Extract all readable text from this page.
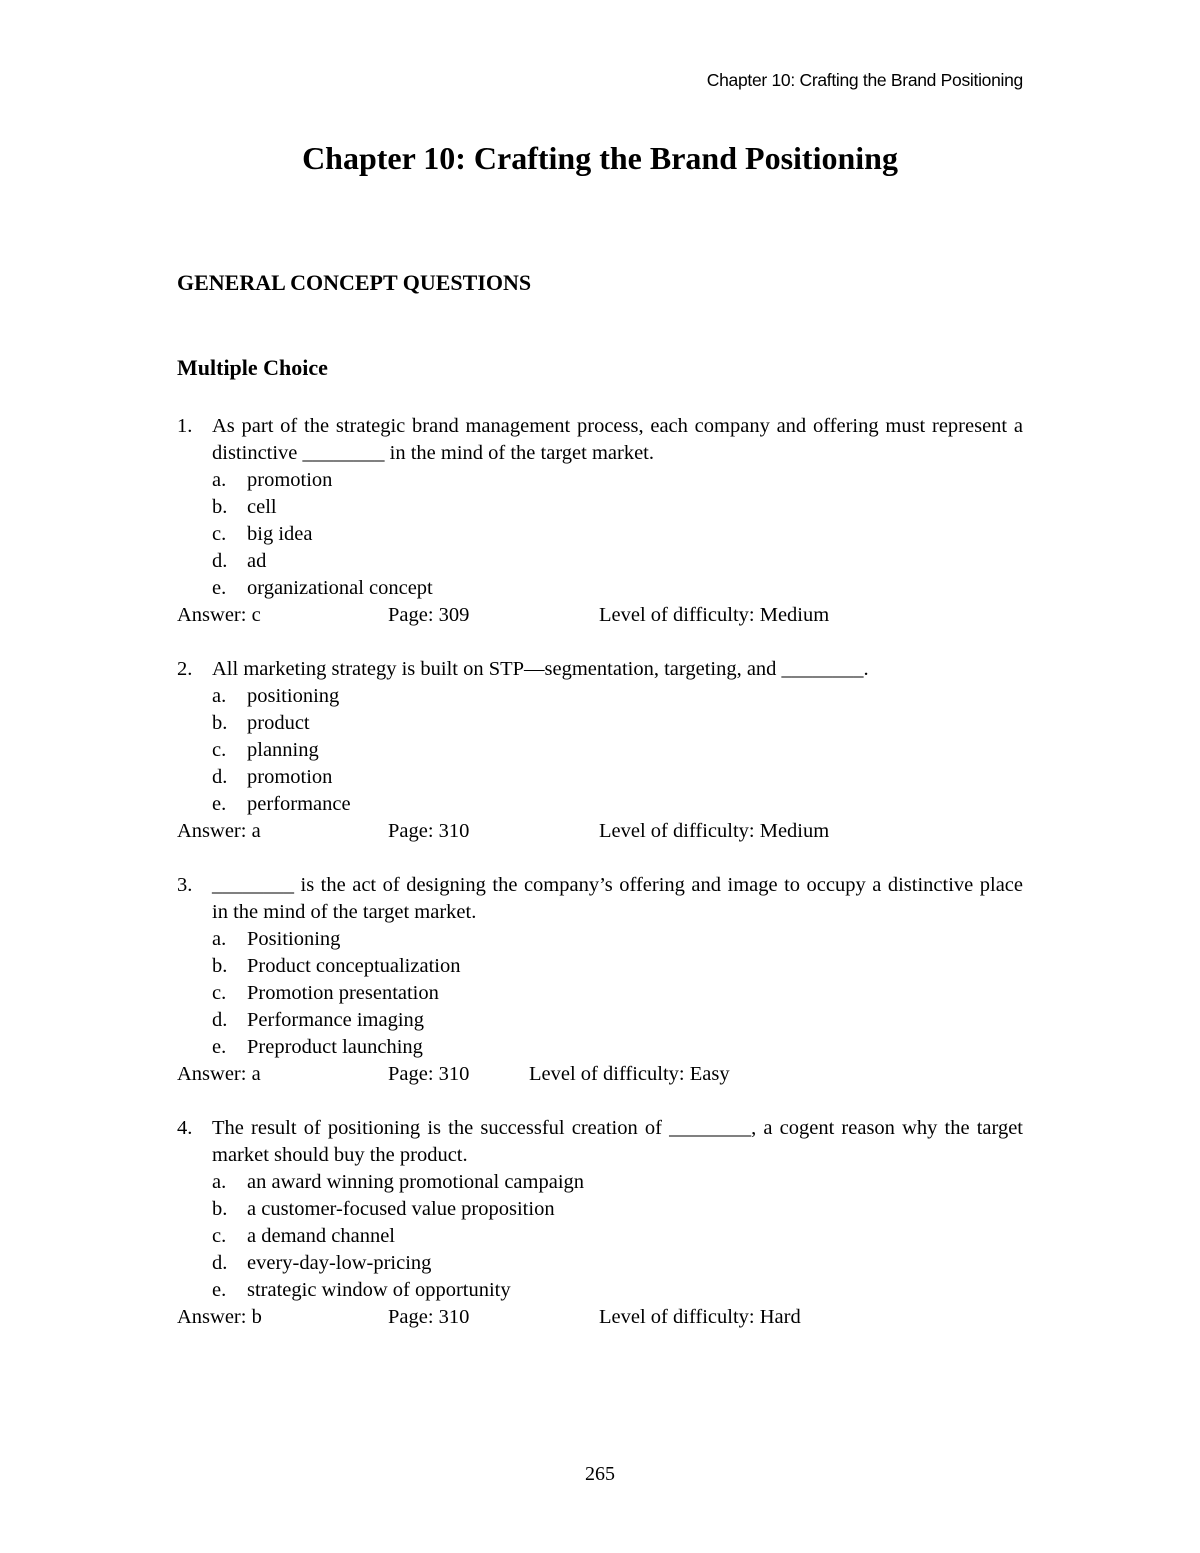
Chapter 10: Crafting the Brand Positioning
Chapter 10: Crafting the Brand Positioning
GENERAL CONCEPT QUESTIONS
Multiple Choice
1. As part of the strategic brand management process, each company and offering must represent a distinctive ________ in the mind of the target market.
a.	promotion
b. cell
c.	big idea
d. ad
e.	organizational concept
Answer: c	Page: 309	Level of difficulty: Medium
2. All marketing strategy is built on STP—segmentation, targeting, and ________.
a.	positioning
b. product
c.	planning
d. promotion
e.	performance
Answer: a	Page: 310	Level of difficulty: Medium
3. ________ is the act of designing the company’s offering and image to occupy a distinctive place in the mind of the target market.
a.	Positioning
b. Product conceptualization
c.	Promotion presentation
d. Performance imaging
e.	Preproduct launching
Answer: a	Page: 310	Level of difficulty: Easy
4. The result of positioning is the successful creation of ________, a cogent reason why the target market should buy the product.
a.	an award winning promotional campaign
b. a customer-focused value proposition
c.	a demand channel
d. every-day-low-pricing
e.	strategic window of opportunity
Answer: b	Page: 310	Level of difficulty: Hard
265
